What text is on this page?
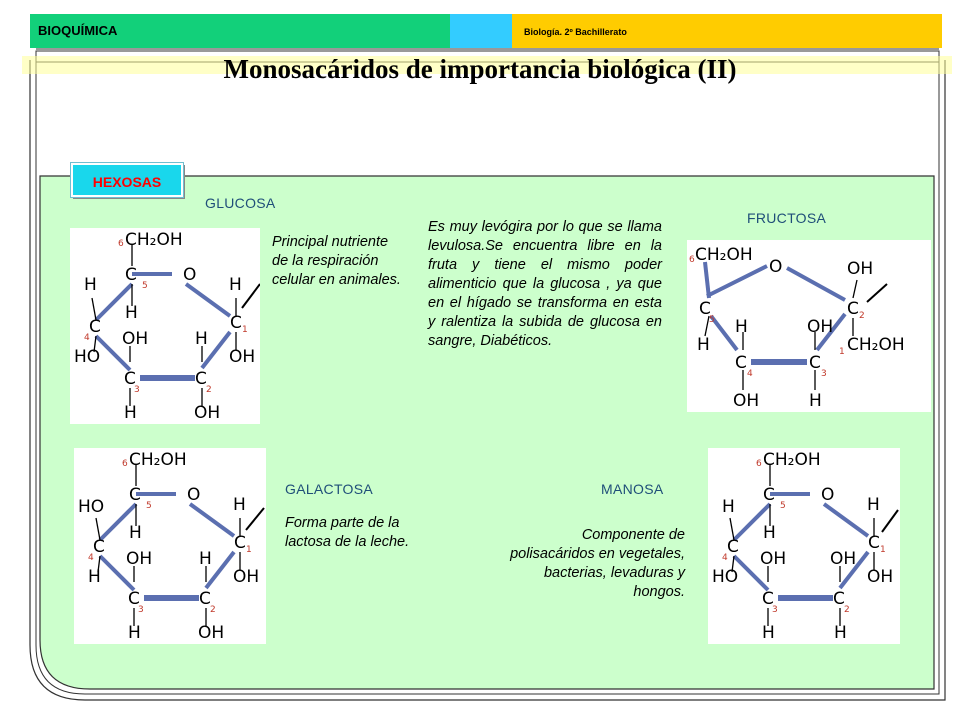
BIOQUÍMICA	Biología. 2º Bachillerato
Monosacáridos de importancia biológica (II)
HEXOSAS
GLUCOSA
FRUCTOSA
GALACTOSA	MANOSA
Principal nutriente de la respiración celular en animales.
Es muy levógira por lo que se llama levulosa.Se encuentra libre en la fruta y tiene el mismo poder alimenticio que la glucosa , ya que en el hígado se transforma en esta y ralentiza la subida de glucosa en sangre, Diabéticos.
Forma parte de la lactosa de la leche.	Componente de polisacáridos en vegetales, bacterias, levaduras y hongos.
6 CH₂OH
C
5
O
H
H
C
4
HO
OH
C
3
H
H
C
2
OH
H
C 1
OH
6 CH₂OH
O
C
5
H
H
C
4
OH
OH
C
3
H
OH
C 2
1 CH₂OH
6 CH₂OH
C
5
O
H
HO
C
4
H
OH
C
3
H
H
C
2
OH
H
C 1
OH
6 CH₂OH
C
5
O
H
H
C
4
HO
OH
C
3
H
OH
C
2
H
H
C 1
OH
